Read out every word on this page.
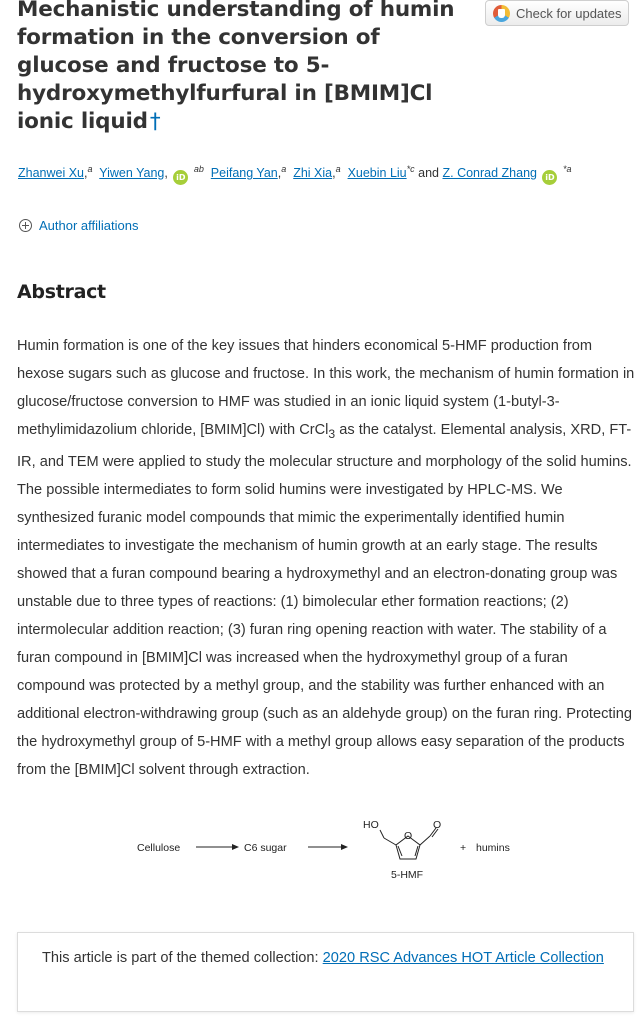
Mechanistic understanding of humin formation in the conversion of glucose and fructose to 5-hydroxymethylfurfural in [BMIM]Cl ionic liquid†
Check for updates
Zhanwei Xu,$^a$ Yiwen Yang, iD $^{ab}$ Peifang Yan,$^a$ Zhi Xia,$^a$ Xuebin Liu$^{*c}$ and Z. Conrad Zhang iD $^{*a}$
Author affiliations
Abstract

Humin formation is one of the key issues that hinders economical 5-HMF production from hexose sugars such as glucose and fructose. In this work, the mechanism of humin formation in glucose/fructose conversion to HMF was studied in an ionic liquid system (1-butyl-3-methylimidazolium chloride, [BMIM]Cl) with CrCl$_3$ as the catalyst. Elemental analysis, XRD, FT-IR, and TEM were applied to study the molecular structure and morphology of the solid humins. The possible intermediates to form solid humins were investigated by HPLC-MS. We synthesized furanic model compounds that mimic the experimentally identified humin intermediates to investigate the mechanism of humin growth at an early stage. The results showed that a furan compound bearing a hydroxymethyl and an electron-donating group was unstable due to three types of reactions: (1) bimolecular ether formation reactions; (2) intermolecular addition reaction; (3) furan ring opening reaction with water. The stability of a furan compound in [BMIM]Cl was increased when the hydroxymethyl group of a furan compound was protected by a methyl group, and the stability was further enhanced with an additional electron-withdrawing group (such as an aldehyde group) on the furan ring. Protecting the hydroxymethyl group of 5-HMF with a methyl group allows easy separation of the products from the [BMIM]Cl solvent through extraction.

Cellulose	C6 sugar
HO
O
O
5-HMF
+ humins
This article is part of the themed collection: 2020 RSC Advances HOT Article Collection
